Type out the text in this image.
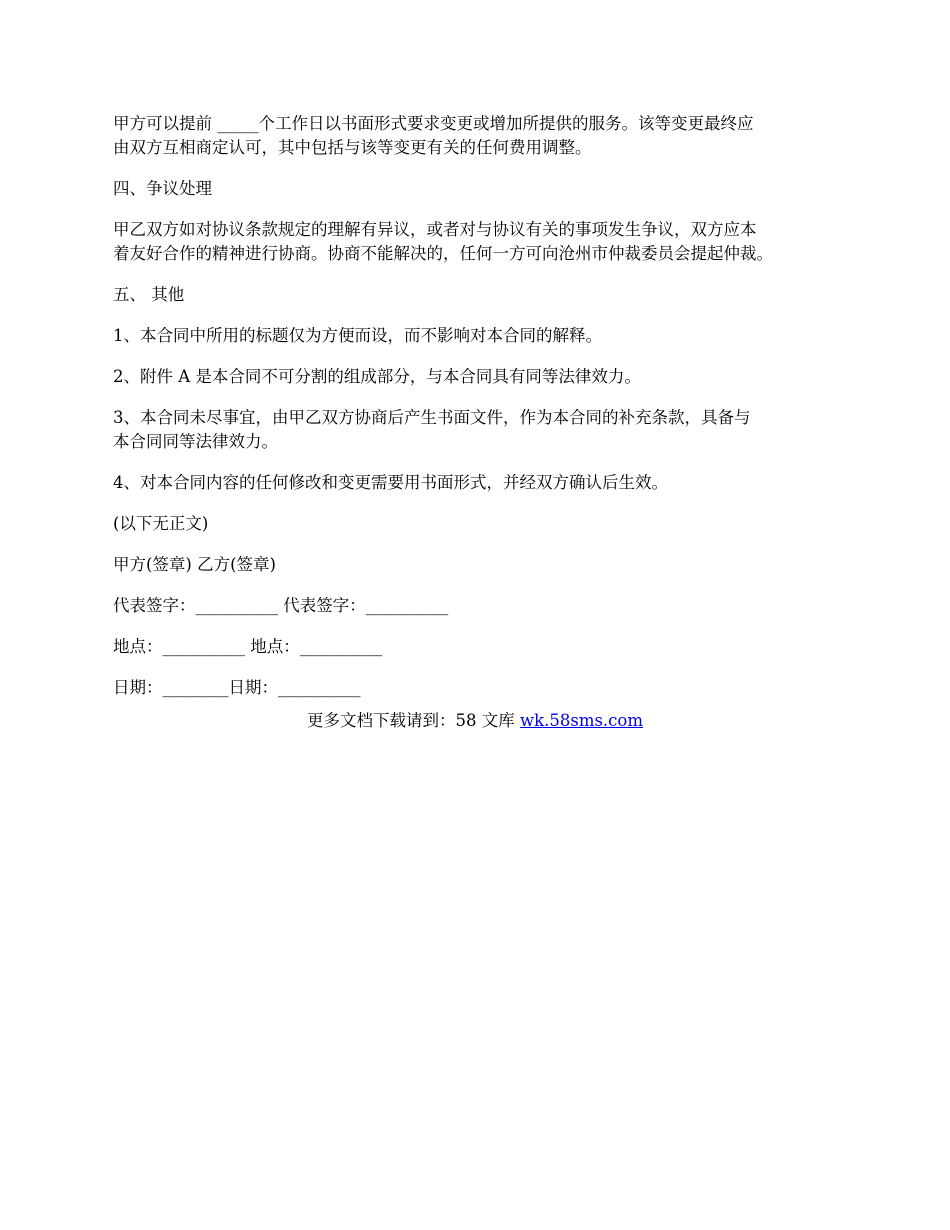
甲方可以提前 _____个工作日以书面形式要求变更或增加所提供的服务。该等变更最终应
由双方互相商定认可，其中包括与该等变更有关的任何费用调整。

四、争议处理

甲乙双方如对协议条款规定的理解有异议，或者对与协议有关的事项发生争议，双方应本
着友好合作的精神进行协商。协商不能解决的，任何一方可向沧州市仲裁委员会提起仲裁。

五、 其他

1、本合同中所用的标题仅为方便而设，而不影响对本合同的解释。

2、附件 A 是本合同不可分割的组成部分，与本合同具有同等法律效力。

3、本合同未尽事宜，由甲乙双方协商后产生书面文件，作为本合同的补充条款，具备与
本合同同等法律效力。

4、对本合同内容的任何修改和变更需要用书面形式，并经双方确认后生效。

(以下无正文)

甲方(签章) 乙方(签章)

代表签字：__________ 代表签字：__________

地点：__________ 地点：__________

日期：________日期：__________

更多文档下载请到：58 文库 wk.58sms.com
